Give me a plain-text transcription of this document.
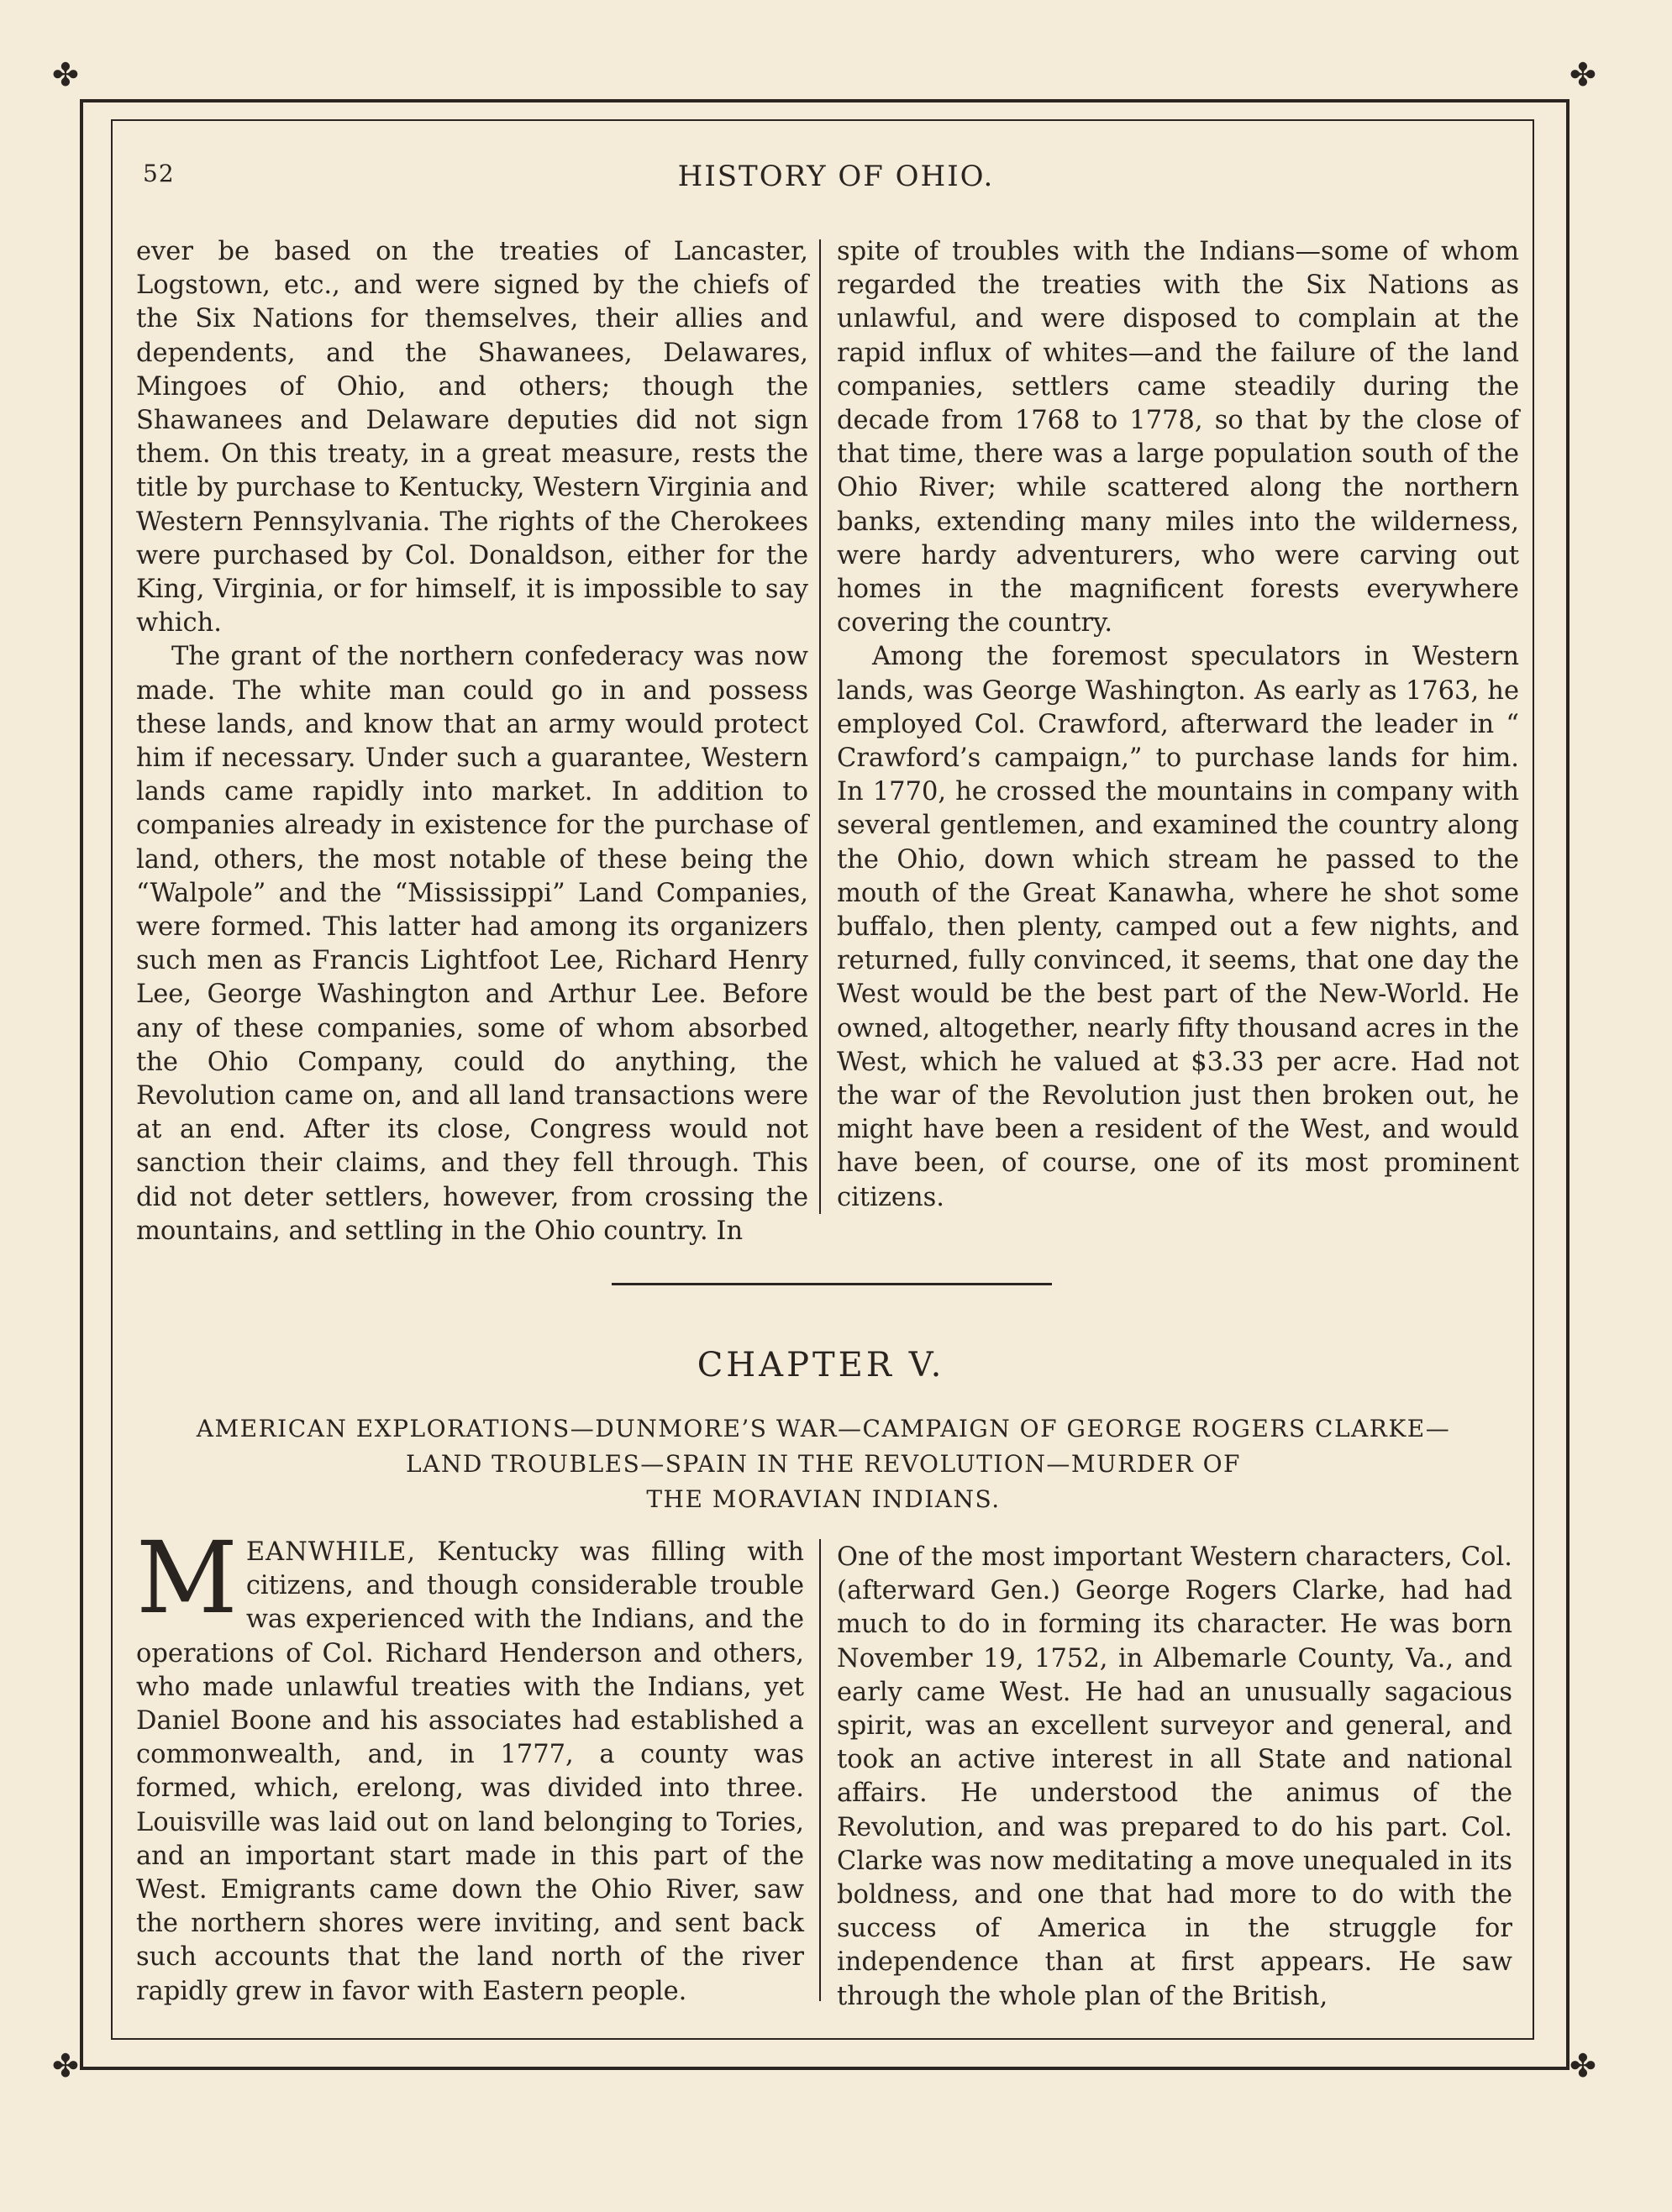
✤	✤
✤	✤
52	HISTORY OF OHIO.

ever be based on the treaties of Lancaster, Logstown, etc., and were signed by the chiefs of the Six Nations for themselves, their allies and dependents, and the Shawanees, Delawares, Mingoes of Ohio, and others; though the Shawanees and Delaware deputies did not sign them. On this treaty, in a great measure, rests the title by purchase to Kentucky, Western Virginia and Western Pennsylvania. The rights of the Cherokees were purchased by Col. Donaldson, either for the King, Virginia, or for himself, it is impossible to say which.

The grant of the northern confederacy was now made. The white man could go in and possess these lands, and know that an army would protect him if necessary. Under such a guarantee, Western lands came rapidly into market. In addition to companies already in existence for the purchase of land, others, the most notable of these being the “Walpole” and the “Mississippi” Land Companies, were formed. This latter had among its organizers such men as Francis Lightfoot Lee, Richard Henry Lee, George Washington and Arthur Lee. Before any of these companies, some of whom absorbed the Ohio Company, could do anything, the Revolution came on, and all land transactions were at an end. After its close, Congress would not sanction their claims, and they fell through. This did not deter settlers, however, from crossing the mountains, and settling in the Ohio country. In

spite of troubles with the Indians—some of whom regarded the treaties with the Six Nations as unlawful, and were disposed to complain at the rapid influx of whites—and the failure of the land companies, settlers came steadily during the decade from 1768 to 1778, so that by the close of that time, there was a large population south of the Ohio River; while scattered along the northern banks, extending many miles into the wilderness, were hardy adventurers, who were carving out homes in the magnificent forests everywhere covering the country.

Among the foremost speculators in Western lands, was George Washington. As early as 1763, he employed Col. Crawford, afterward the leader in “ Crawford’s campaign,” to purchase lands for him. In 1770, he crossed the mountains in company with several gentlemen, and examined the country along the Ohio, down which stream he passed to the mouth of the Great Kanawha, where he shot some buffalo, then plenty, camped out a few nights, and returned, fully convinced, it seems, that one day the West would be the best part of the New-World. He owned, altogether, nearly fifty thousand acres in the West, which he valued at $3.33 per acre. Had not the war of the Revolution just then broken out, he might have been a resident of the West, and would have been, of course, one of its most prominent citizens.

CHAPTER V.
AMERICAN EXPLORATIONS—DUNMORE’S WAR—CAMPAIGN OF GEORGE ROGERS CLARKE—
LAND TROUBLES—SPAIN IN THE REVOLUTION—MURDER OF
THE MORAVIAN INDIANS.

MEANWHILE, Kentucky was filling with citizens, and though considerable trouble was experienced with the Indians, and the operations of Col. Richard Henderson and others, who made unlawful treaties with the Indians, yet Daniel Boone and his associates had established a commonwealth, and, in 1777, a county was formed, which, erelong, was divided into three. Louisville was laid out on land belonging to Tories, and an important start made in this part of the West. Emigrants came down the Ohio River, saw the northern shores were inviting, and sent back such accounts that the land north of the river rapidly grew in favor with Eastern people.

One of the most important Western characters, Col. (afterward Gen.) George Rogers Clarke, had had much to do in forming its character. He was born November 19, 1752, in Albemarle County, Va., and early came West. He had an unusually sagacious spirit, was an excellent surveyor and general, and took an active interest in all State and national affairs. He understood the animus of the Revolution, and was prepared to do his part. Col. Clarke was now meditating a move unequaled in its boldness, and one that had more to do with the success of America in the struggle for independence than at first appears. He saw through the whole plan of the British,
